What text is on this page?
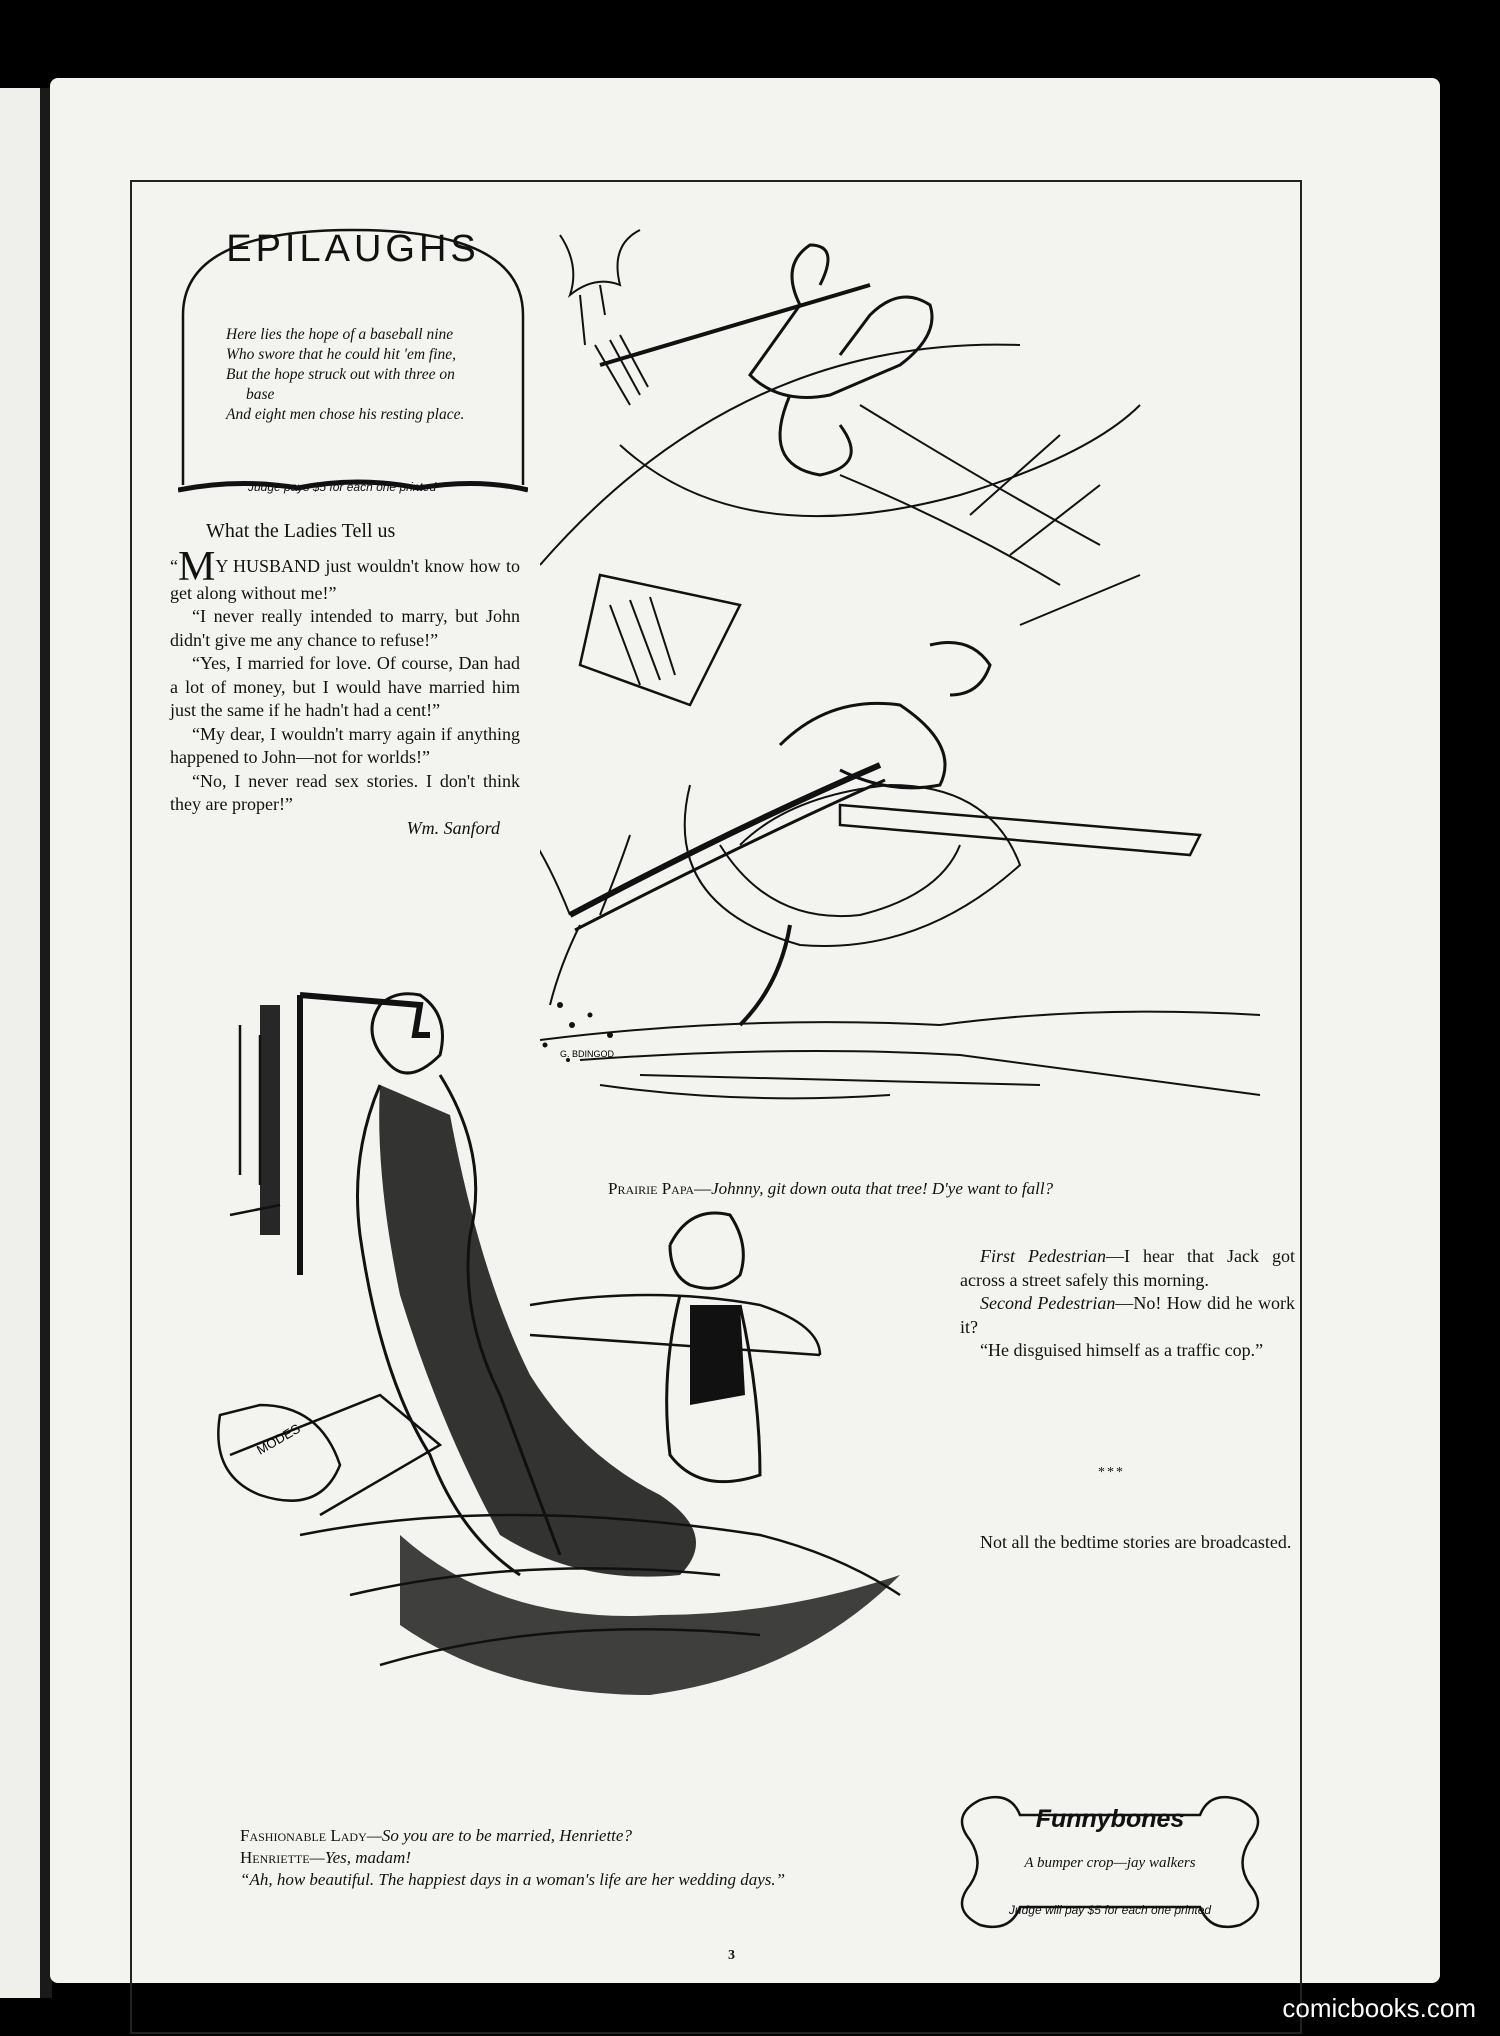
EPILAUGHS
Here lies the hope of a baseball nine
Who swore that he could hit 'em fine,
But the hope struck out with three on
base
And eight men chose his resting place.
Judge pays $5 for each one printed
What the Ladies Tell us

“MY HUSBAND just wouldn't know how to get along without me!”

“I never really intended to marry, but John didn't give me any chance to refuse!”

“Yes, I married for love. Of course, Dan had a lot of money, but I would have married him just the same if he hadn't had a cent!”

“My dear, I wouldn't marry again if anything happened to John—not for worlds!”

“No, I never read sex stories. I don't think they are proper!”

Wm. Sanford
G. BDINGOD
Prairie Papa—Johnny, git down outa that tree! D'ye want to fall?
MODES

First Pedestrian—I hear that Jack got across a street safely this morning.

Second Pedestrian—No! How did he work it?

“He disguised himself as a traffic cop.”

***

Not all the bedtime stories are broadcasted.

Funnybones
A bumper crop—jay walkers
Judge will pay $5 for each one printed
Fashionable Lady—So you are to be married, Henriette?
Henriette—Yes, madam!
“Ah, how beautiful. The happiest days in a woman's life are her wedding days.”
3
comicbooks.com
